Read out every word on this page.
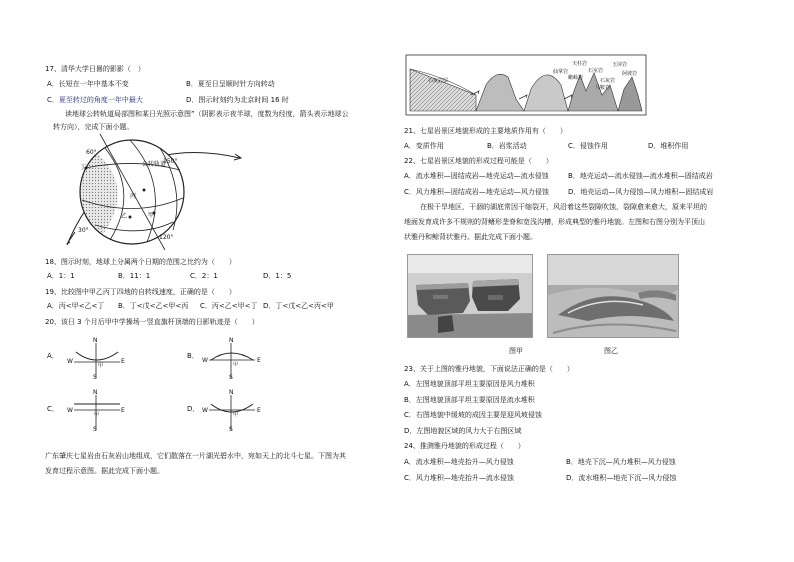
17、清华大学日晷的影影（　）
A．长短在一年中基本不变	B．夏至日呈顺时针方向转动
C．夏至转过的角度一年中最大	D．图示时刻约为北京时间 16 时
读地球公转轨道局部图和某日光照示意图”（阴影表示夜半球，度数为经度，箭头表示地球公
转方向），完成下面小题。
公转轨道
60°
150°
30°
120°
丁
丙
甲
乙
18、图示时刻，地球上分属两个日期的范围之比约为（　　）
A．1：1	B．11：1	C．2：1	D．1：5
19、比较图中甲乙丙丁四地的自转线速度，正确的是（　　）
A．丙<甲<乙<丁 B．丁<戊<乙<甲<丙 C．丙<乙<甲<丁 D．丁<戊<乙<丙<甲
20、该日 3 个月后甲中学操场一竖直旗杆顶端的日影轨迹是（　　）
A．	B．
C．	D．
N
W	E
S
甲
N
W	E
S
甲
N
W	E
S
甲
N
W	E
S
甲
广东肇庆七星岩由石灰岩山地组成，它们散落在一片湖光碧水中，宛如天上的北斗七星。下图为其
发育过程示意图。据此完成下面小题。
石灰岩层
仙掌岩
天柱岩
石室岩
玉屏岩
蟾蜍岩
阿坡岩
石灰岩
马鞍岩
21、七星岩景区地貌形成的主要地质作用有（　　）
A．变质作用	B．岩浆活动	C．侵蚀作用	D．堆积作用
22、七星岩景区地貌的形成过程可能是（　　）
A．流水堆积—固结成岩—地壳运动—流水侵蚀	B．地壳运动—流水侵蚀—流水堆积—固结成岩
C．风力堆积—固结成岩—地壳运动—风力侵蚀	D．地壳运动—风力侵蚀—风力堆积—固结成岩
在极干旱地区，干涸的湖底常因干缩裂开，风沿着这些裂隙吹蚀，裂隙愈来愈大，原来平坦的
地面发育成许多不规则的背鳍形垄脊和宽浅沟槽，形成典型的雅丹地貌。左图和右图分别为平顶山
状雅丹和鲸背状雅丹。据此完成下面小题。
图甲	图乙
23、关于上图的雅丹地貌，下面说法正确的是（　　）
A．左图地貌顶部平坦主要原因是风力堆积
B．左图地貌顶部平坦主要原因是流水堆积
C．右图地貌中缓坡的成因主要是迎风坡侵蚀
D．左图地貌区域的风力大于右图区域
24、推测雅丹地貌的形成过程（　　）
A．流水堆积—地壳抬升—风力侵蚀	B．地壳下沉—风力堆积—风力侵蚀
C．风力堆积—地壳抬升—流水侵蚀	D．流水堆积—地壳下沉—风力侵蚀
